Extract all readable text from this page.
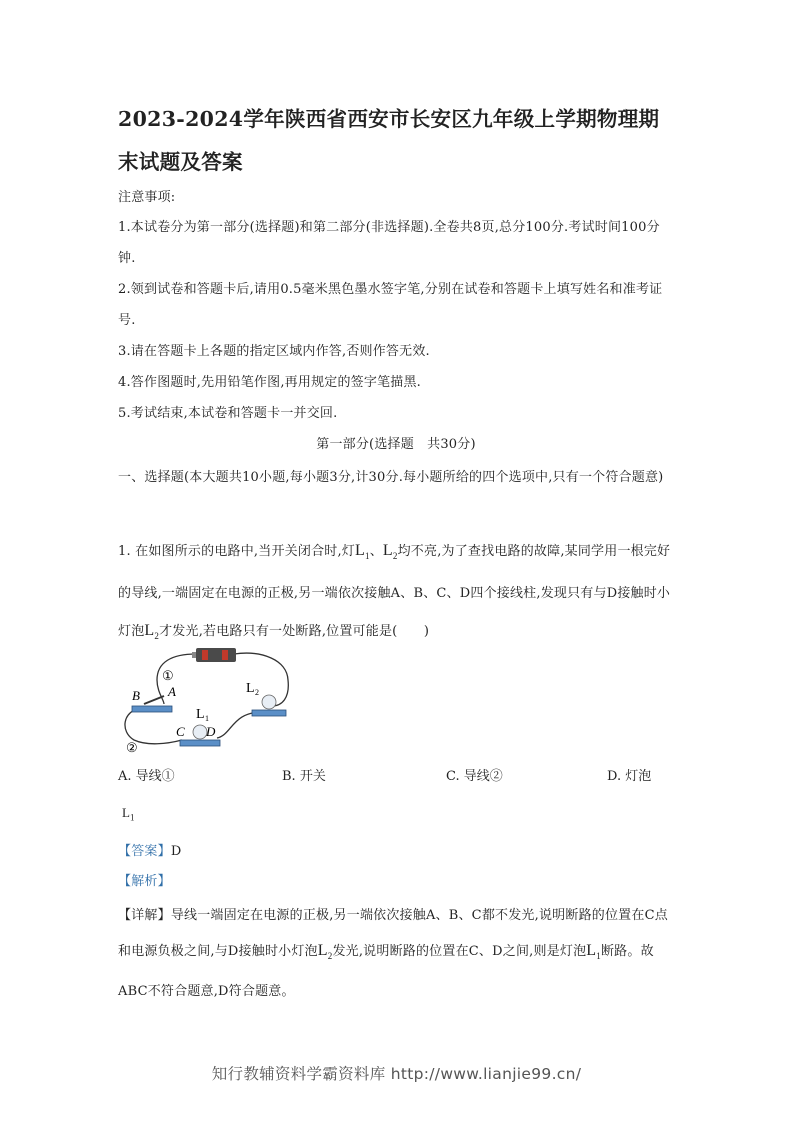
2023-2024学年陕西省西安市长安区九年级上学期物理期末试题及答案
注意事项:
1.本试卷分为第一部分(选择题)和第二部分(非选择题).全卷共8页,总分100分.考试时间100分钟.
2.领到试卷和答题卡后,请用0.5毫米黑色墨水签字笔,分别在试卷和答题卡上填写姓名和准考证号.
3.请在答题卡上各题的指定区域内作答,否则作答无效.
4.答作图题时,先用铅笔作图,再用规定的签字笔描黑.
5.考试结束,本试卷和答题卡一并交回.
第一部分(选择题　共30分)
一、选择题(本大题共10小题,每小题3分,计30分.每小题所给的四个选项中,只有一个符合题意)
1. 在如图所示的电路中,当开关闭合时,灯$L_1$、$L_2$均不亮,为了查找电路的故障,某同学用一根完好的导线,一端固定在电源的正极,另一端依次接触A、B、C、D四个接线柱,发现只有与D接触时小灯泡$L_2$才发光,若电路只有一处断路,位置可能是(　　)
①
②
B A
C D
L 2
L 1
A. 导线①	B. 开关	C. 导线②	D. 灯泡
$L_1$
【答案】D
【解析】
【详解】导线一端固定在电源的正极,另一端依次接触A、B、C都不发光,说明断路的位置在C点和电源负极之间,与D接触时小灯泡$L_2$发光,说明断路的位置在C、D之间,则是灯泡$L_1$断路。故ABC不符合题意,D符合题意。
知行教辅资料学霸资料库 http://www.lianjie99.cn/
